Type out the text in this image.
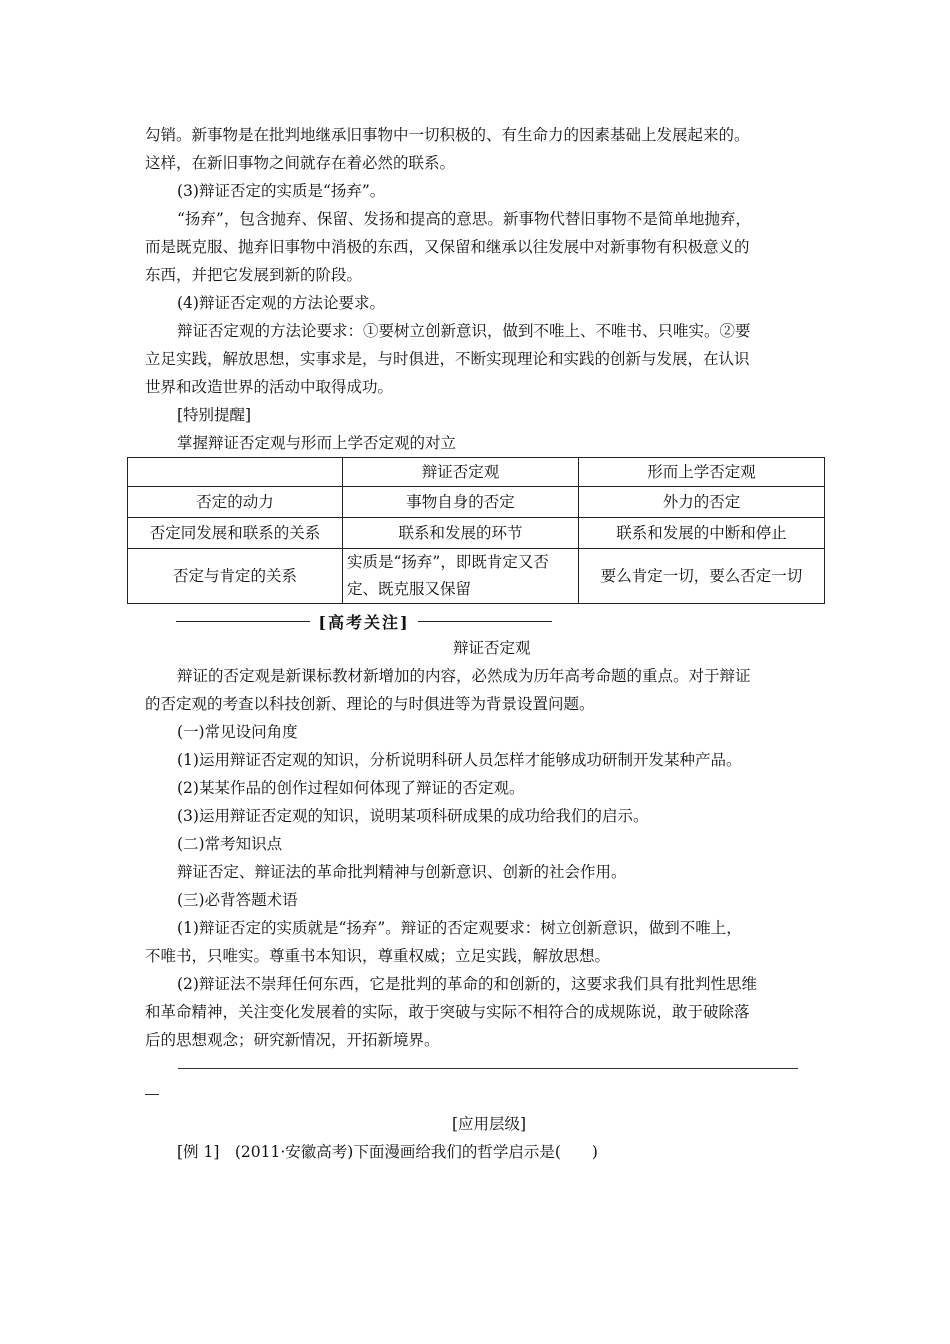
勾销。新事物是在批判地继承旧事物中一切积极的、有生命力的因素基础上发展起来的。

这样，在新旧事物之间就存在着必然的联系。

(3)辩证否定的实质是“扬弃”。

“扬弃”，包含抛弃、保留、发扬和提高的意思。新事物代替旧事物不是简单地抛弃，

而是既克服、抛弃旧事物中消极的东西，又保留和继承以往发展中对新事物有积极意义的

东西，并把它发展到新的阶段。

(4)辩证否定观的方法论要求。

辩证否定观的方法论要求：①要树立创新意识，做到不唯上、不唯书、只唯实。②要

立足实践，解放思想，实事求是，与时俱进，不断实现理论和实践的创新与发展，在认识

世界和改造世界的活动中取得成功。

[特别提醒]

掌握辩证否定观与形而上学否定观的对立

	辩证否定观	形而上学否定观
否定的动力	事物自身的否定	外力的否定
否定同发展和联系的关系	联系和发展的环节	联系和发展的中断和停止
否定与肯定的关系	实质是“扬弃”，即既肯定又否定、既克服又保留	要么肯定一切，要么否定一切
[高考关注]

辩证否定观

辩证的否定观是新课标教材新增加的内容，必然成为历年高考命题的重点。对于辩证

的否定观的考查以科技创新、理论的与时俱进等为背景设置问题。

(一)常见设问角度

(1)运用辩证否定观的知识，分析说明科研人员怎样才能够成功研制开发某种产品。

(2)某某作品的创作过程如何体现了辩证的否定观。

(3)运用辩证否定观的知识，说明某项科研成果的成功给我们的启示。

(二)常考知识点

辩证否定、辩证法的革命批判精神与创新意识、创新的社会作用。

(三)必背答题术语

(1)辩证否定的实质就是“扬弃”。辩证的否定观要求：树立创新意识，做到不唯上，

不唯书，只唯实。尊重书本知识，尊重权威；立足实践，解放思想。

(2)辩证法不崇拜任何东西，它是批判的革命的和创新的，这要求我们具有批判性思维

和革命精神，关注变化发展着的实际，敢于突破与实际不相符合的成规陈说，敢于破除落

后的思想观念；研究新情况，开拓新境界。

[应用层级]

[例 1]　(2011·安徽高考)下面漫画给我们的哲学启示是(　　)
